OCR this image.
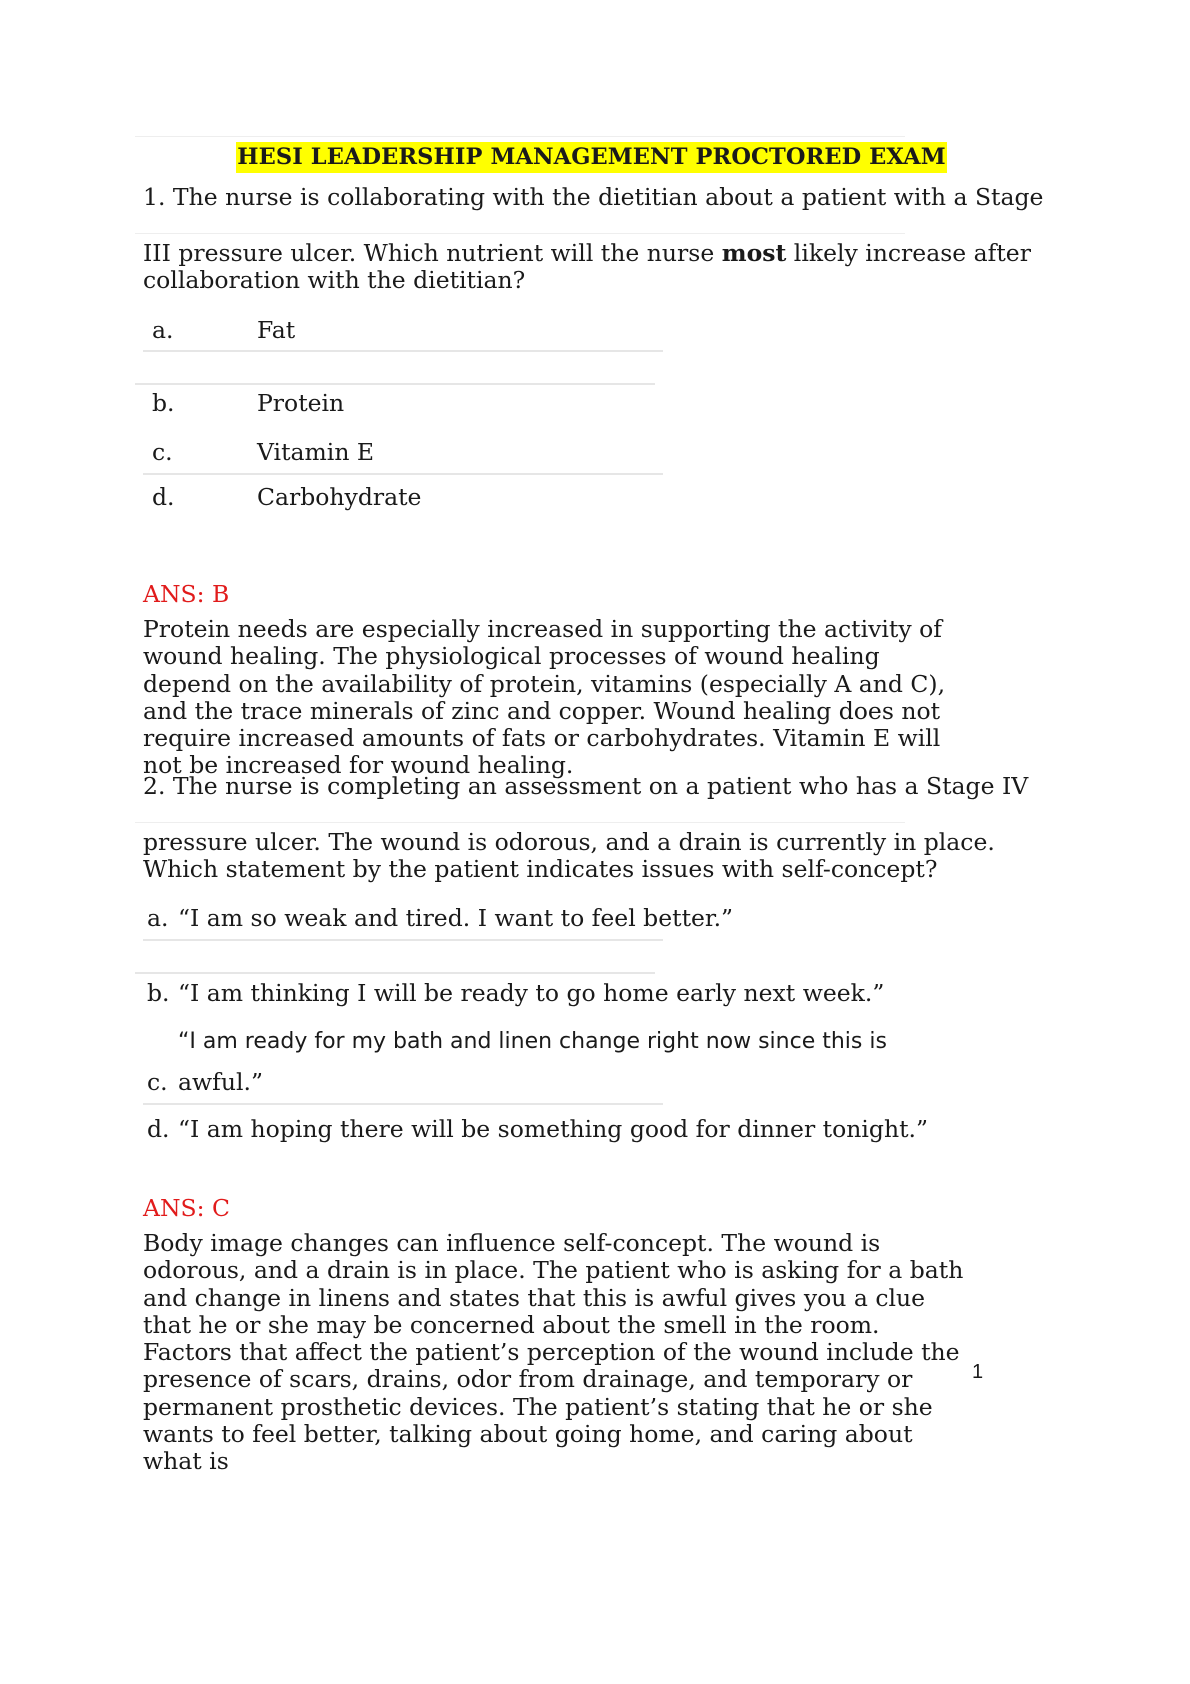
HESI LEADERSHIP MANAGEMENT PROCTORED EXAM
1. The nurse is collaborating with the dietitian about a patient with a Stage
III pressure ulcer. Which nutrient will the nurse most likely increase after
collaboration with the dietitian?
a.	Fat
b.	Protein
c.	Vitamin E
d.	Carbohydrate
ANS: B
Protein needs are especially increased in supporting the activity of wound healing. The physiological processes of wound healing depend on the availability of protein, vitamins (especially A and C), and the trace minerals of zinc and copper. Wound healing does not require increased amounts of fats or carbohydrates. Vitamin E will not be increased for wound healing.
2. The nurse is completing an assessment on a patient who has a Stage IV
pressure ulcer. The wound is odorous, and a drain is currently in place.
Which statement by the patient indicates issues with self-concept?
a. “I am so weak and tired. I want to feel better.”
b. “I am thinking I will be ready to go home early next week.”
“I am ready for my bath and linen change right now since this is
c. awful.”
d. “I am hoping there will be something good for dinner tonight.”
ANS: C
Body image changes can influence self-concept. The wound is odorous, and a drain is in place. The patient who is asking for a bath and change in linens and states that this is awful gives you a clue that he or she may be concerned about the smell in the room. Factors that affect the patient’s perception of the wound include the presence of scars, drains, odor from drainage, and temporary or permanent prosthetic devices. The patient’s stating that he or she wants to feel better, talking about going home, and caring about what is
1
